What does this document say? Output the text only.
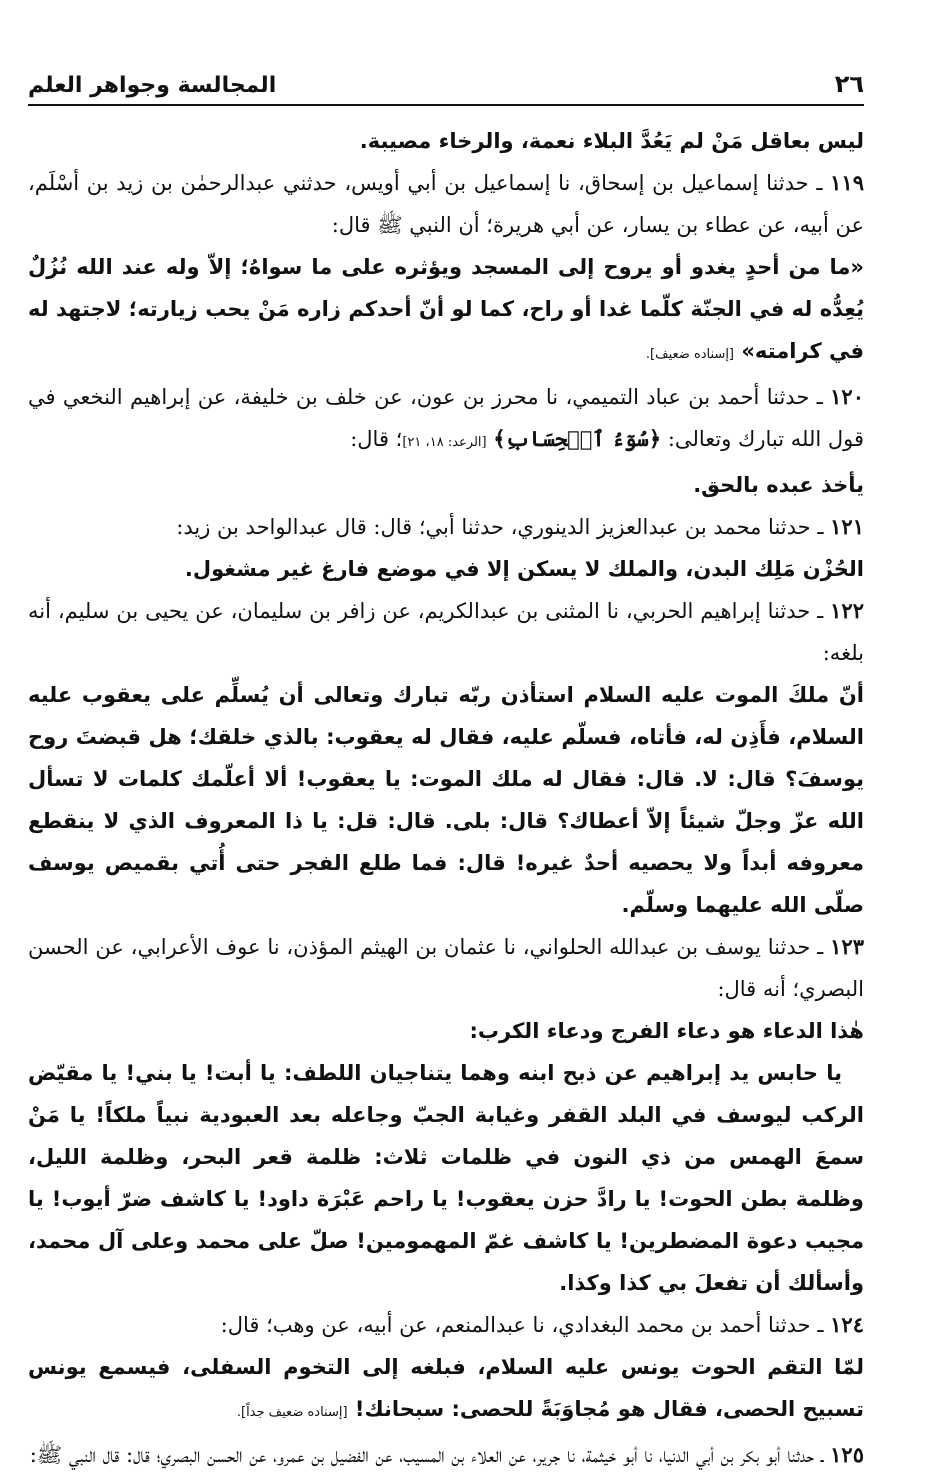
٢٦
المجالسة وجواهر العلم

ليس بعاقل مَنْ لم يَعُدَّ البلاء نعمة، والرخاء مصيبة.

١١٩ ـ حدثنا إسماعيل بن إسحاق، نا إسماعيل بن أبي أويس، حدثني عبدالرحمٰن بن زيد بن أسْلَم، عن أبيه، عن عطاء بن يسار، عن أبي هريرة؛ أن النبي ﷺ قال:

«ما من أحدٍ يغدو أو يروح إلى المسجد ويؤثره على ما سواهُ؛ إلاّ وله عند الله نُزُلٌ يُعِدُّه له في الجنّة كلّما غدا أو راح، كما لو أنّ أحدكم زاره مَنْ يحب زيارته؛ لاجتهد له في كرامته» [إسناده ضعيف].

١٢٠ ـ حدثنا أحمد بن عباد التميمي، نا محرز بن عون، عن خلف بن خليفة، عن إبراهيم النخعي في قول الله تبارك وتعالى: ﴿سُوٓءُ ٱلۡحِسَابِ﴾ [الرعد: ١٨، ٢١]؛ قال:

يأخذ عبده بالحق.

١٢١ ـ حدثنا محمد بن عبدالعزيز الدينوري، حدثنا أبي؛ قال: قال عبدالواحد بن زيد:

الحُزْن مَلِك البدن، والملك لا يسكن إلا في موضع فارغ غير مشغول.

١٢٢ ـ حدثنا إبراهيم الحربي، نا المثنى بن عبدالكريم، عن زافر بن سليمان، عن يحيى بن سليم، أنه بلغه:

أنّ ملكَ الموت عليه السلام استأذن ربّه تبارك وتعالى أن يُسلِّم على يعقوب عليه السلام، فأَذِن له، فأتاه، فسلّم عليه، فقال له يعقوب: بالذي خلقك؛ هل قبضتَ روح يوسفَ؟ قال: لا. قال: فقال له ملك الموت: يا يعقوب! ألا أعلّمك كلمات لا تسأل الله عزّ وجلّ شيئاً إلاّ أعطاك؟ قال: بلى. قال: قل: يا ذا المعروف الذي لا ينقطع معروفه أبداً ولا يحصيه أحدٌ غيره! قال: فما طلع الفجر حتى أُتي بقميص يوسف صلّى الله عليهما وسلّم.

١٢٣ ـ حدثنا يوسف بن عبدالله الحلواني، نا عثمان بن الهيثم المؤذن، نا عوف الأعرابي، عن الحسن البصري؛ أنه قال:

هٰذا الدعاء هو دعاء الفرج ودعاء الكرب:

يا حابس يد إبراهيم عن ذبح ابنه وهما يتناجيان اللطف: يا أبت! يا بني! يا مقيّض الركب ليوسف في البلد القفر وغيابة الجبّ وجاعله بعد العبودية نبياً ملكاً! يا مَنْ سمعَ الهمس من ذي النون في ظلمات ثلاث: ظلمة قعر البحر، وظلمة الليل، وظلمة بطن الحوت! يا رادَّ حزن يعقوب! يا راحم عَبْرَة داود! يا كاشف ضرّ أيوب! يا مجيب دعوة المضطرين! يا كاشف غمّ المهمومين! صلّ على محمد وعلى آل محمد، وأسألك أن تفعلَ بي كذا وكذا.

١٢٤ ـ حدثنا أحمد بن محمد البغدادي، نا عبدالمنعم، عن أبيه، عن وهب؛ قال:

لمّا التقم الحوت يونس عليه السلام، فبلغه إلى التخوم السفلى، فيسمع يونس تسبيح الحصى، فقال هو مُجاوَبَةً للحصى: سبحانك! [إسناده ضعيف جداً].

١٢٥ ـ حدثنا أبو بكر بن أبي الدنيا، نا أبو خيثمة، نا جرير، عن العلاء بن المسيب، عن الفضيل بن عمرو، عن الحسن البصري؛ قال: قال النبي ﷺ:
